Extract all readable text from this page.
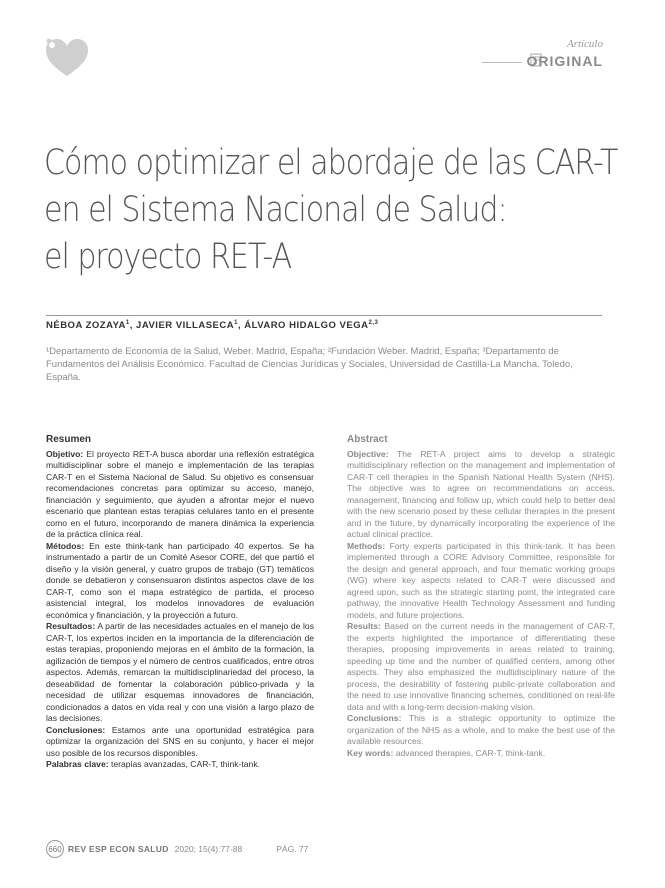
Artículo
ORIGINAL
Cómo optimizar el abordaje de las CAR-T
en el Sistema Nacional de Salud:
el proyecto RET-A
NÉBOA ZOZAYA$^1$, JAVIER VILLASECA$^1$, ÁLVARO HIDALGO VEGA$^{2,3}$
¹Departamento de Economía de la Salud, Weber. Madrid, España; ²Fundación Weber. Madrid, España; ³Departamento de Fundamentos del Análisis Económico. Facultad de Ciencias Jurídicas y Sociales, Universidad de Castilla-La Mancha. Toledo, España.
Resumen

Objetivo: El proyecto RET-A busca abordar una reflexión estratégica multidisciplinar sobre el manejo e implementación de las terapias CAR-T en el Sistema Nacional de Salud. Su objetivo es consensuar recomendaciones concretas para optimizar su acceso, manejo, financiación y seguimiento, que ayuden a afrontar mejor el nuevo escenario que plantean estas terapias celulares tanto en el presente como en el futuro, incorporando de manera dinámica la experiencia de la práctica clínica real.

Métodos: En este think-tank han participado 40 expertos. Se ha instrumentado a partir de un Comité Asesor CORE, del que partió el diseño y la visión general, y cuatro grupos de trabajo (GT) temáticos donde se debatieron y consensuaron distintos aspectos clave de los CAR-T, como son el mapa estratégico de partida, el proceso asistencial integral, los modelos innovadores de evaluación económica y financiación, y la proyección a futuro.

Resultados: A partir de las necesidades actuales en el manejo de los CAR-T, los expertos inciden en la importancia de la diferenciación de estas terapias, proponiendo mejoras en el ámbito de la formación, la agilización de tiempos y el número de centros cualificados, entre otros aspectos. Además, remarcan la multidisciplinariedad del proceso, la deseabilidad de fomentar la colaboración público-privada y la necesidad de utilizar esquemas innovadores de financiación, condicionados a datos en vida real y con una visión a largo plazo de las decisiones.

Conclusiones: Estamos ante una oportunidad estratégica para optimizar la organización del SNS en su conjunto, y hacer el mejor uso posible de los recursos disponibles.

Palabras clave: terapias avanzadas, CAR-T, think-tank.

Abstract

Objective: The RET-A project aims to develop a strategic multidisciplinary reflection on the management and implementation of CAR-T cell therapies in the Spanish National Health System (NHS). The objective was to agree on recommendations on access, management, financing and follow up, which could help to better deal with the new scenario posed by these cellular therapies in the present and in the future, by dynamically incorporating the experience of the actual clinical practice.

Methods: Forty experts participated in this think-tank. It has been implemented through a CORE Advisory Committee, responsible for the design and general approach, and four thematic working groups (WG) where key aspects related to CAR-T were discussed and agreed upon, such as the strategic starting point, the integrated care pathway, the innovative Health Technology Assessment and funding models, and future projections.

Results: Based on the current needs in the management of CAR-T, the experts highlighted the importance of differentiating these therapies, proposing improvements in areas related to training, speeding up time and the number of qualified centers, among other aspects. They also emphasized the multidisciplinary nature of the process, the desirability of fostering public-private collaboration and the need to use innovative financing schemes, conditioned on real-life data and with a long-term decision-making vision.

Conclusions: This is a strategic opportunity to optimize the organization of the NHS as a whole, and to make the best use of the available resources.

Key words: advanced therapies, CAR-T, think-tank.

660 REV ESP ECON SALUD 2020; 15(4):77-88	PÁG. 77
